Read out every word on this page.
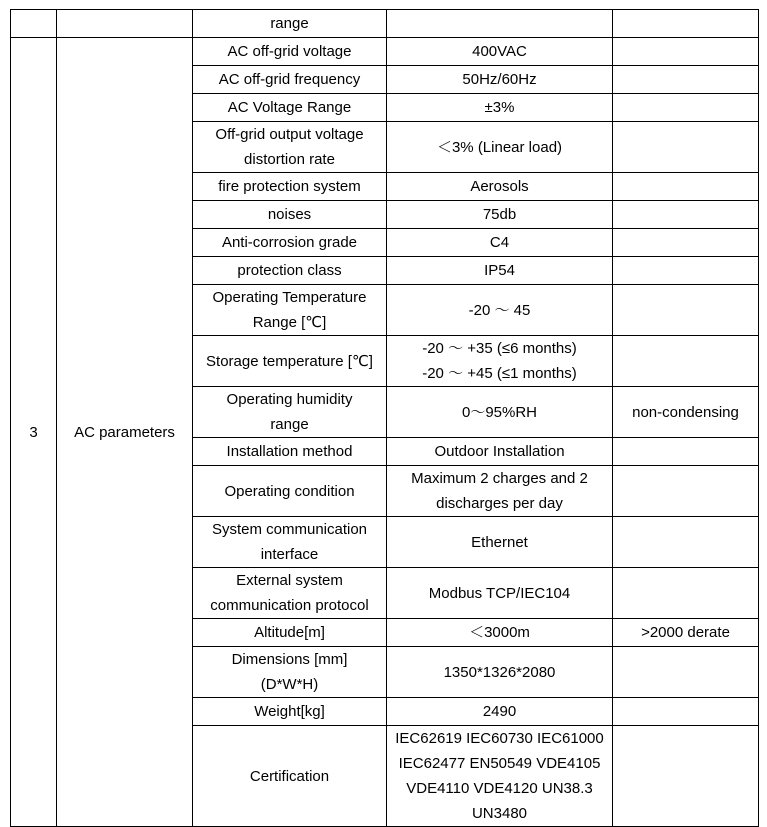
		range		
3	AC parameters	AC off-grid voltage	400VAC	

		AC off-grid frequency	50Hz/60Hz	

		AC Voltage Range	±3%	

		Off-grid output voltage
distortion rate	＜3% (Linear load)	

		fire protection system	Aerosols	

		noises	75db	

		Anti-corrosion grade	C4	

		protection class	IP54	

		Operating Temperature
Range [℃]	-20 ～ 45	

		Storage temperature [℃]	-20 ～ +35 (≤6 months)
-20 ～ +45 (≤1 months)	

		Operating humidity
range	0～95%RH	non-condensing

		Installation method	Outdoor Installation	

		Operating condition	Maximum 2 charges and 2
discharges per day	

		System communication
interface	Ethernet	

		External system
communication protocol	Modbus TCP/IEC104	

		Altitude[m]	＜3000m	>2000 derate

		Dimensions [mm]
(D*W*H)	1350*1326*2080	

		Weight[kg]	2490	

		Certification	IEC62619 IEC60730 IEC61000
IEC62477 EN50549 VDE4105
VDE4110 VDE4120 UN38.3
UN3480	
